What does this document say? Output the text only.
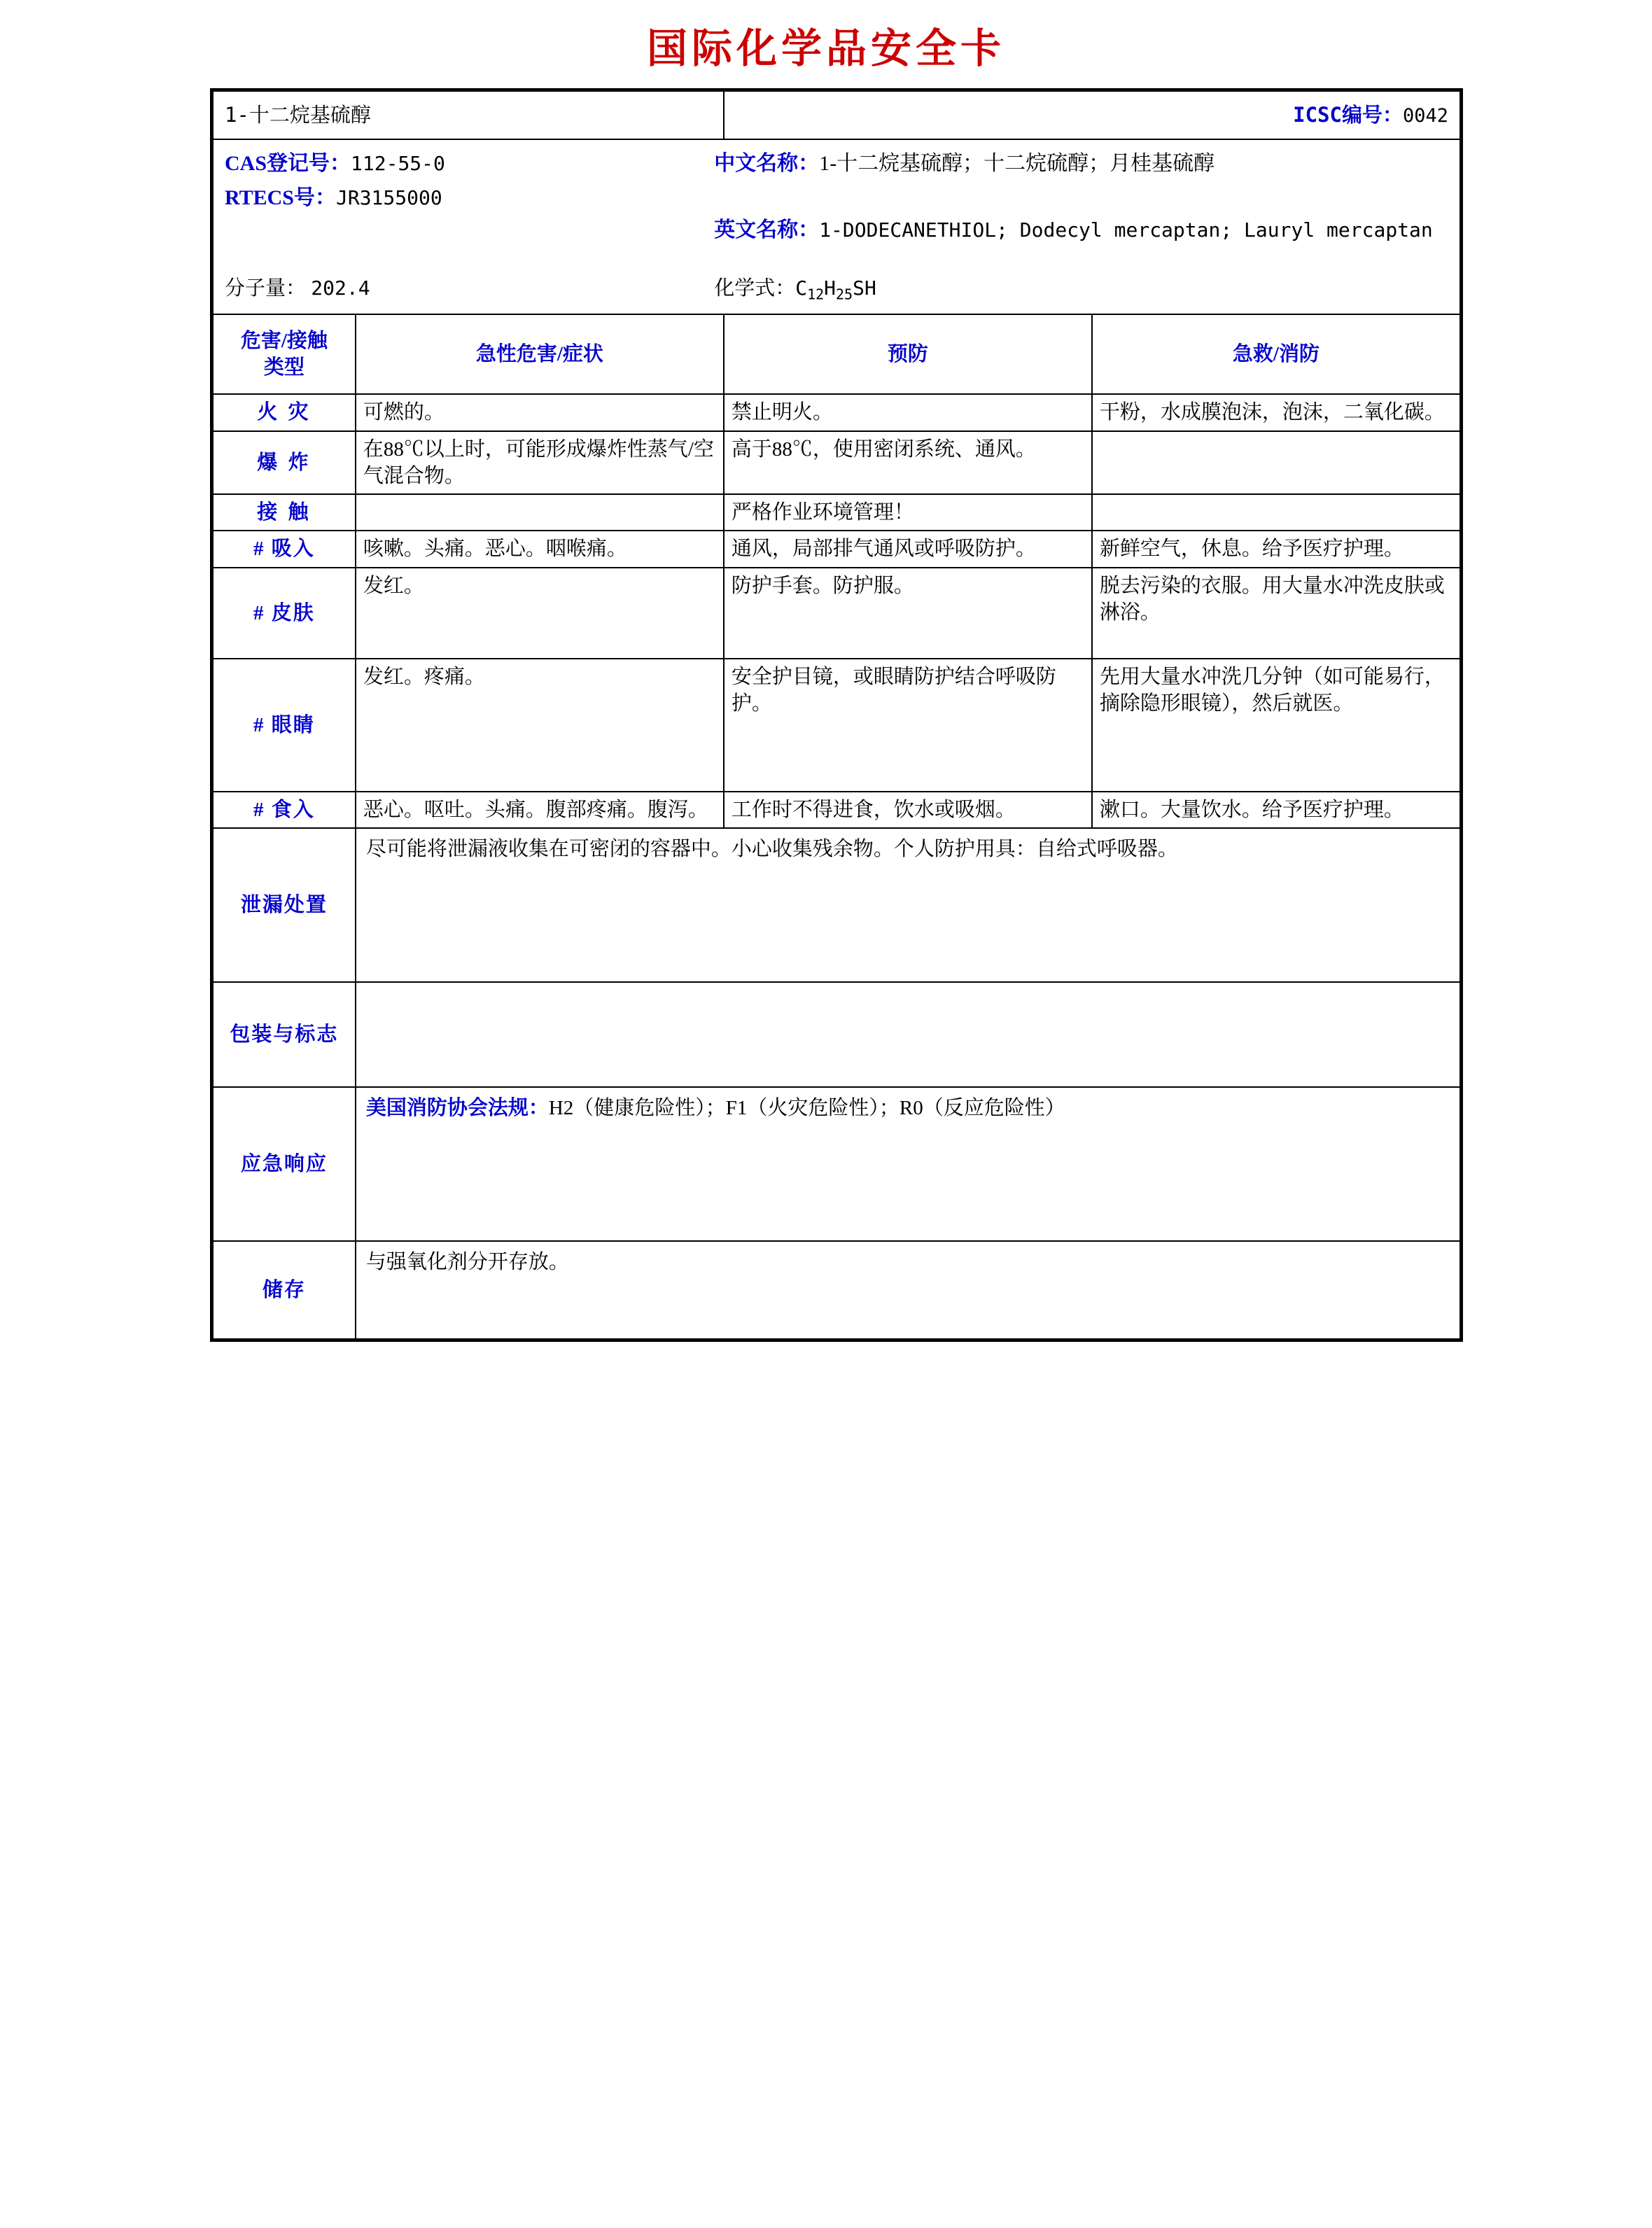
国际化学品安全卡
1-十二烷基硫醇		ICSC编号：0042	

CAS登记号：112-55-0
RTECS号：JR3155000
中文名称：1-十二烷基硫醇；十二烷硫醇；月桂基硫醇
英文名称：1-DODECANETHIOL; Dodecyl mercaptan; Lauryl mercaptan
分子量： 202.4	化学式：$C_{12}H_{25}SH$

危害/接触
类型	急性危害/症状	预防	急救/消防
火 灾	可燃的。	禁止明火。	干粉，水成膜泡沫，泡沫，二氧化碳。
爆 炸	在88℃以上时，可能形成爆炸性蒸气/空气混合物。	高于88℃，使用密闭系统、通风。	
接 触		严格作业环境管理！	
# 吸入	咳嗽。头痛。恶心。咽喉痛。	通风，局部排气通风或呼吸防护。	新鲜空气，休息。给予医疗护理。
# 皮肤	发红。	防护手套。防护服。	脱去污染的衣服。用大量水冲洗皮肤或淋浴。
# 眼睛	发红。疼痛。	安全护目镜，或眼睛防护结合呼吸防护。	先用大量水冲洗几分钟（如可能易行，摘除隐形眼镜），然后就医。
# 食入	恶心。呕吐。头痛。腹部疼痛。腹泻。	工作时不得进食，饮水或吸烟。	漱口。大量饮水。给予医疗护理。
泄漏处置	尽可能将泄漏液收集在可密闭的容器中。小心收集残余物。个人防护用具：自给式呼吸器。		
包装与标志			
应急响应	美国消防协会法规：H2（健康危险性）；F1（火灾危险性）；R0（反应危险性）		
储存	与强氧化剂分开存放。		
